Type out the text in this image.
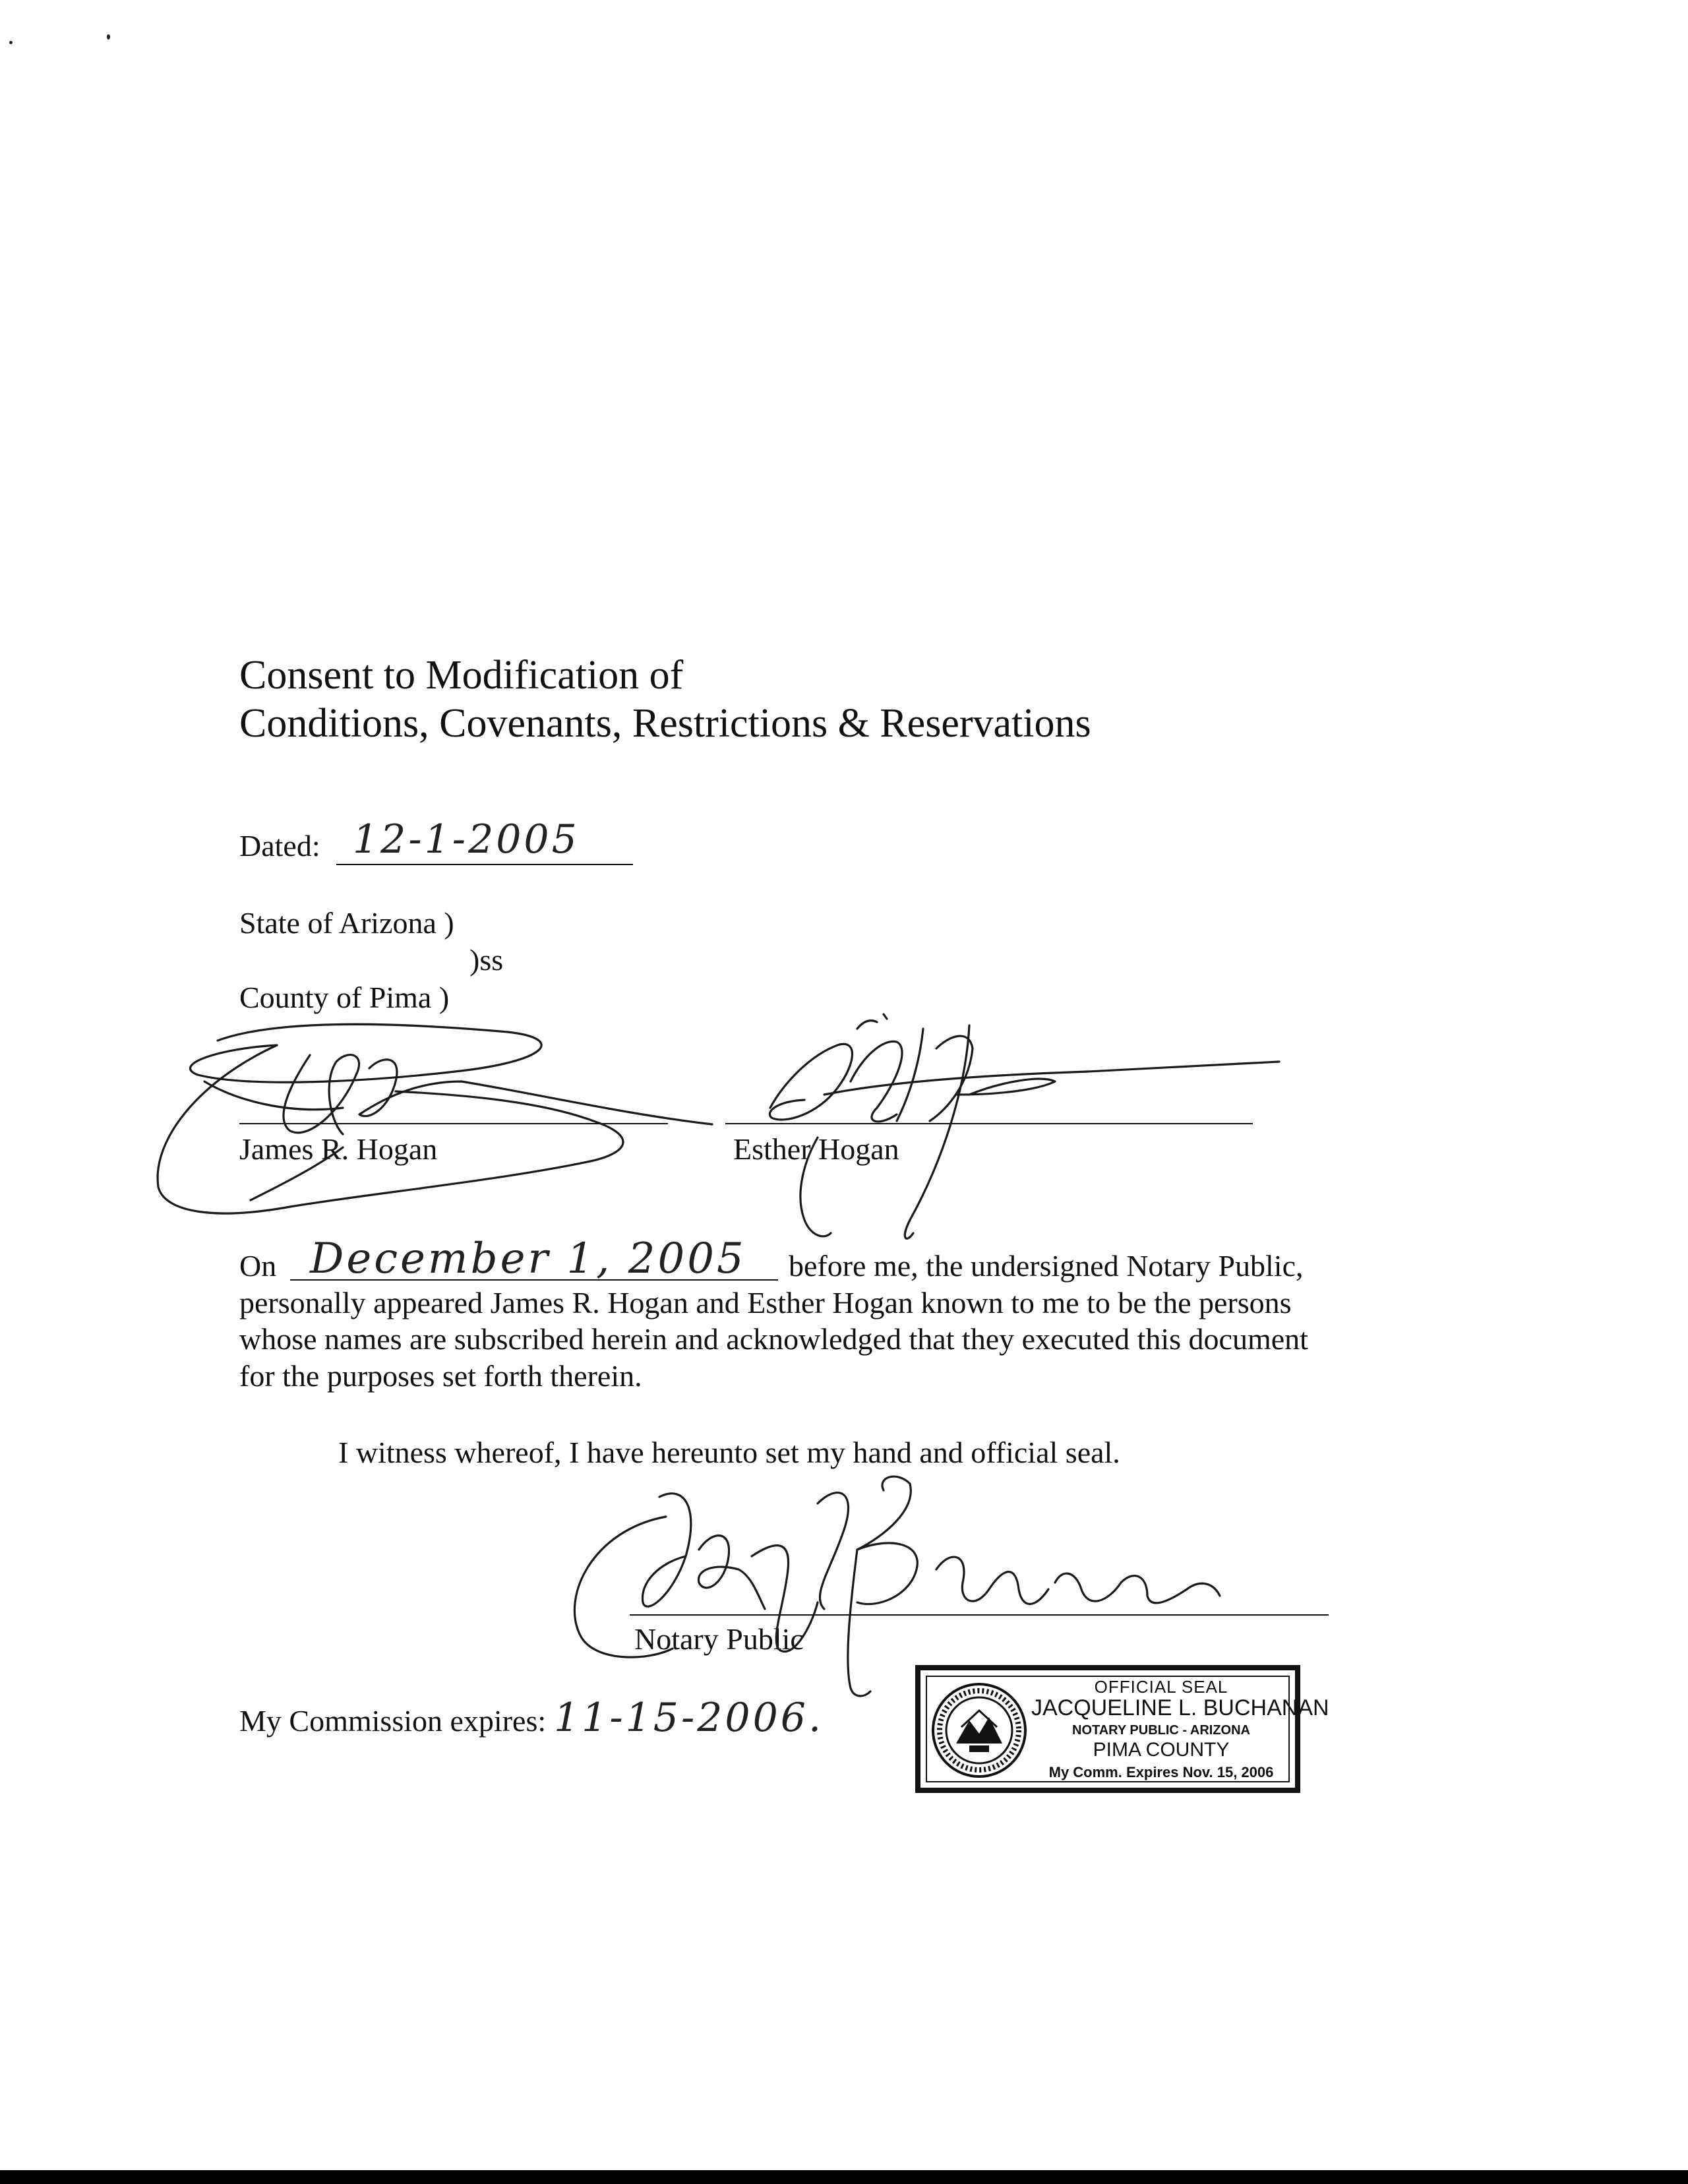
Consent to Modification of
Conditions, Covenants, Restrictions & Reservations
Dated: 12-1-2005
State of Arizona )
)ss
County of Pima )
James R. Hogan	Esther Hogan
On December 1, 2005 before me, the undersigned Notary Public,
personally appeared James R. Hogan and Esther Hogan known to me to be the persons
whose names are subscribed herein and acknowledged that they executed this document
for the purposes set forth therein.
I witness whereof, I have hereunto set my hand and official seal.
Notary Public
My Commission expires: 11-15-2006.
OFFICIAL SEAL
JACQUELINE L. BUCHANAN
NOTARY PUBLIC - ARIZONA
PIMA COUNTY
My Comm. Expires Nov. 15, 2006
